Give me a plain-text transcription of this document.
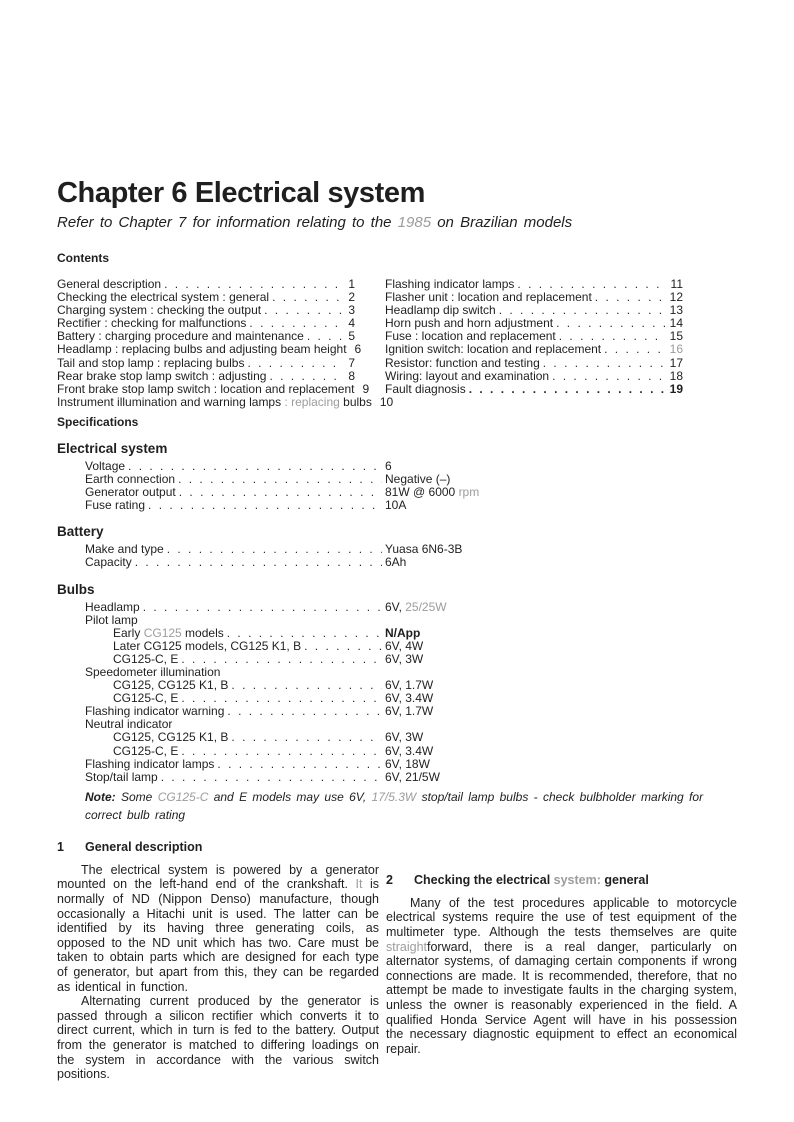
Chapter 6 Electrical system
Refer to Chapter 7 for information relating to the 1985 on Brazilian models
Contents
General description . . .	1
Checking the electrical system : general . . .	2
Charging system : checking the output . . .	3
Rectifier : checking for malfunctions . . .	4
Battery : charging procedure and maintenance . . .	5
Headlamp : replacing bulbs and adjusting beam height 6
Tail and stop lamp : replacing bulbs . . .	7
Rear brake stop lamp switch : adjusting . . .	8
Front brake stop lamp switch : location and replacement 9
Instrument illumination and warning lamps : replacing bulbs 10
Flashing indicator lamps . . .	11
Flasher unit : location and replacement . . .	12
Headlamp dip switch . . .	13
Horn push and horn adjustment . . .	14
Fuse : location and replacement . . .	15
Ignition switch: location and replacement . . .	16
Resistor: function and testing . . .	17
Wiring: layout and examination . . .	18
Fault diagnosis . . .	19
Specifications
Electrical system
Voltage . . .	6
Earth connection . . .	Negative (–)
Generator output . . .	81W @ 6000 rpm
Fuse rating . . .	10A
Battery
Make and type . . .	Yuasa 6N6-3B
Capacity . . .	6Ah
Bulbs
Headlamp . . .	6V, 25/25W
Pilot lamp
Early CG125 models . . .	N/App
Later CG125 models, CG125 K1, B . . .	6V, 4W
CG125-C, E . . .	6V, 3W
Speedometer illumination
CG125, CG125 K1, B . . .	6V, 1.7W
CG125-C, E . . .	6V, 3.4W
Flashing indicator warning . . .	6V, 1.7W
Neutral indicator
CG125, CG125 K1, B . . .	6V, 3W
CG125-C, E . . .	6V, 3.4W
Flashing indicator lamps . . .	6V, 18W
Stop/tail lamp . . .	6V, 21/5W
Note: Some CG125-C and E models may use 6V, 17/5.3W stop/tail lamp bulbs - check bulbholder marking for correct bulb rating
1 General description

The electrical system is powered by a generator mounted on the left-hand end of the crankshaft. It is normally of ND (Nippon Denso) manufacture, though occasionally a Hitachi unit is used. The latter can be identified by its having three generating coils, as opposed to the ND unit which has two. Care must be taken to obtain parts which are designed for each type of generator, but apart from this, they can be regarded as identical in function.

Alternating current produced by the generator is passed through a silicon rectifier which converts it to direct current, which in turn is fed to the battery. Output from the generator is matched to differing loadings on the system in accordance with the various switch positions.

2 Checking the electrical system: general

Many of the test procedures applicable to motorcycle electrical systems require the use of test equipment of the multimeter type. Although the tests themselves are quite straightforward, there is a real danger, particularly on alternator systems, of damaging certain components if wrong connections are made. It is recommended, therefore, that no attempt be made to investigate faults in the charging system, unless the owner is reasonably experienced in the field. A qualified Honda Service Agent will have in his possession the necessary diagnostic equipment to effect an economical repair.
